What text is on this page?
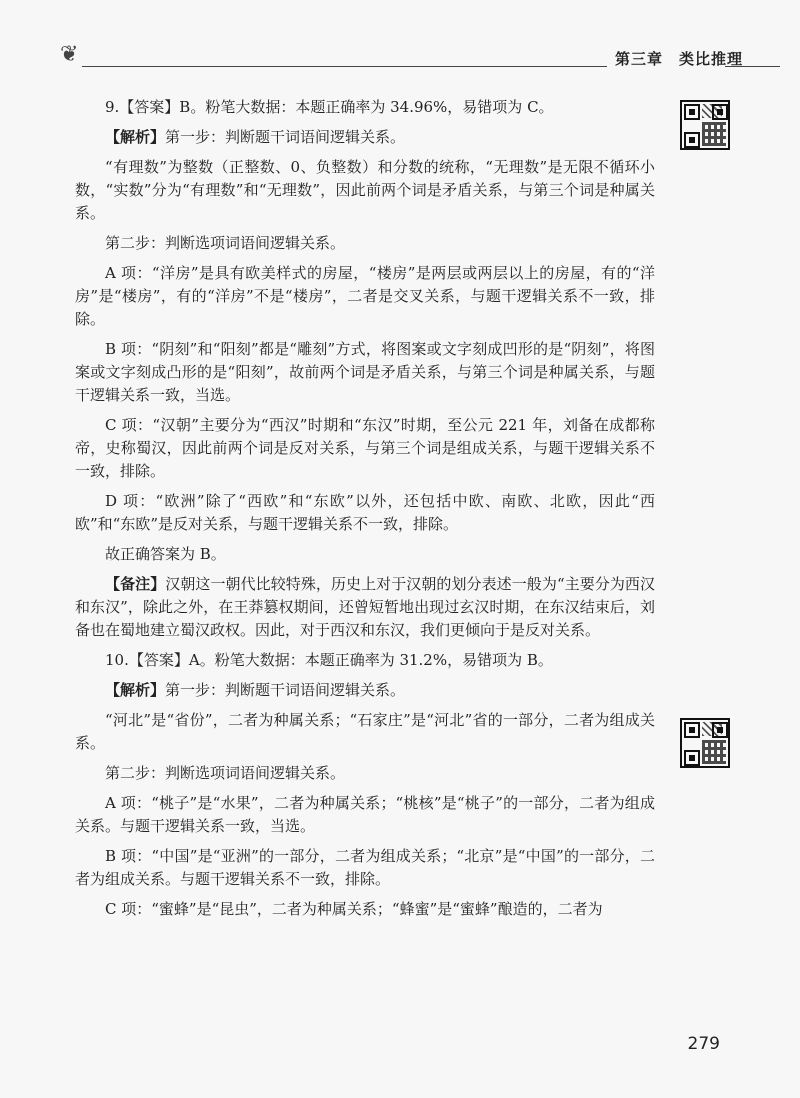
❦	第三章　类比推理

9.【答案】B。粉笔大数据：本题正确率为 34.96%，易错项为 C。

【解析】第一步：判断题干词语间逻辑关系。

“有理数”为整数（正整数、0、负整数）和分数的统称，“无理数”是无限不循环小数，“实数”分为“有理数”和“无理数”，因此前两个词是矛盾关系，与第三个词是种属关系。

第二步：判断选项词语间逻辑关系。

A 项：“洋房”是具有欧美样式的房屋，“楼房”是两层或两层以上的房屋，有的“洋房”是“楼房”，有的“洋房”不是“楼房”，二者是交叉关系，与题干逻辑关系不一致，排除。

B 项：“阴刻”和“阳刻”都是“雕刻”方式，将图案或文字刻成凹形的是“阴刻”，将图案或文字刻成凸形的是“阳刻”，故前两个词是矛盾关系，与第三个词是种属关系，与题干逻辑关系一致，当选。

C 项：“汉朝”主要分为“西汉”时期和“东汉”时期，至公元 221 年，刘备在成都称帝，史称蜀汉，因此前两个词是反对关系，与第三个词是组成关系，与题干逻辑关系不一致，排除。

D 项：“欧洲”除了“西欧”和“东欧”以外，还包括中欧、南欧、北欧，因此“西欧”和“东欧”是反对关系，与题干逻辑关系不一致，排除。

故正确答案为 B。

【备注】汉朝这一朝代比较特殊，历史上对于汉朝的划分表述一般为“主要分为西汉和东汉”，除此之外，在王莽篡权期间，还曾短暂地出现过玄汉时期，在东汉结束后，刘备也在蜀地建立蜀汉政权。因此，对于西汉和东汉，我们更倾向于是反对关系。

10.【答案】A。粉笔大数据：本题正确率为 31.2%，易错项为 B。

【解析】第一步：判断题干词语间逻辑关系。

“河北”是“省份”，二者为种属关系；“石家庄”是“河北”省的一部分，二者为组成关系。

第二步：判断选项词语间逻辑关系。

A 项：“桃子”是“水果”，二者为种属关系；“桃核”是“桃子”的一部分，二者为组成关系。与题干逻辑关系一致，当选。

B 项：“中国”是“亚洲”的一部分，二者为组成关系；“北京”是“中国”的一部分，二者为组成关系。与题干逻辑关系不一致，排除。

C 项：“蜜蜂”是“昆虫”，二者为种属关系；“蜂蜜”是“蜜蜂”酿造的，二者为

279
